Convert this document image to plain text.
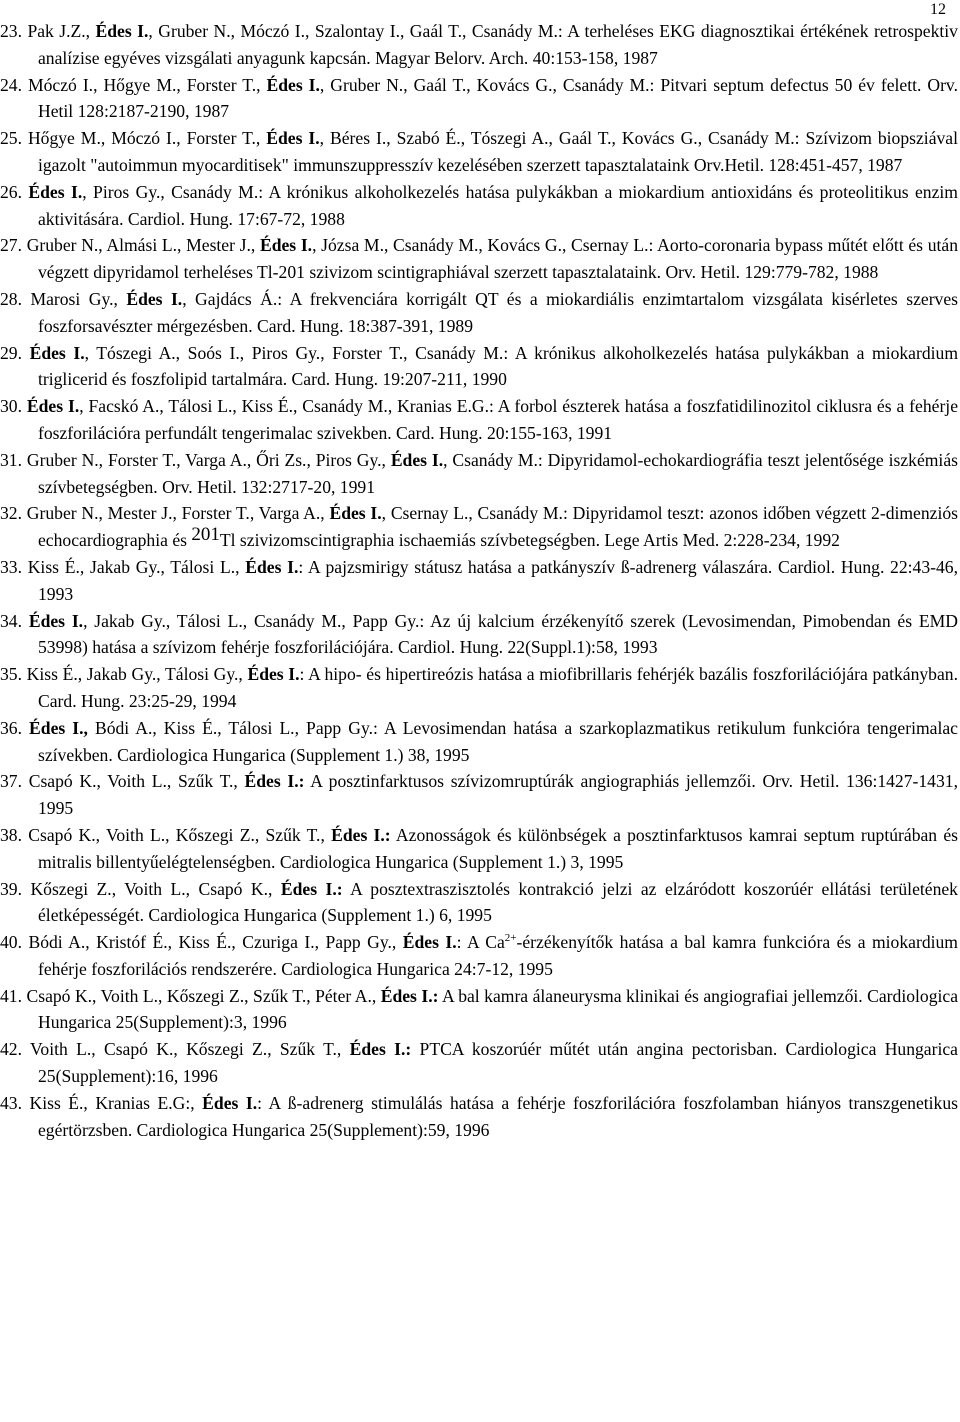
12
23. Pak J.Z., Édes I., Gruber N., Móczó I., Szalontay I., Gaál T., Csanády M.: A terheléses EKG diagnosztikai értékének retrospektiv analízise egyéves vizsgálati anyagunk kapcsán. Magyar Belorv. Arch. 40:153-158, 1987
24. Móczó I., Hőgye M., Forster T., Édes I., Gruber N., Gaál T., Kovács G., Csanády M.: Pitvari septum defectus 50 év felett. Orv. Hetil 128:2187-2190, 1987
25. Hőgye M., Móczó I., Forster T., Édes I., Béres I., Szabó É., Tószegi A., Gaál T., Kovács G., Csanády M.: Szívizom biopsziával igazolt "autoimmun myocarditisek" immunszuppresszív kezelésében szerzett tapasztalataink Orv.Hetil. 128:451-457, 1987
26. Édes I., Piros Gy., Csanády M.: A krónikus alkoholkezelés hatása pulykákban a miokardium antioxidáns és proteolitikus enzim aktivitására. Cardiol. Hung. 17:67-72, 1988
27. Gruber N., Almási L., Mester J., Édes I., Józsa M., Csanády M., Kovács G., Csernay L.: Aorto-coronaria bypass műtét előtt és után végzett dipyridamol terheléses Tl-201 szivizom scintigraphiával szerzett tapasztalataink. Orv. Hetil. 129:779-782, 1988
28. Marosi Gy., Édes I., Gajdács Á.: A frekvenciára korrigált QT és a miokardiális enzimtartalom vizsgálata kisérletes szerves foszforsavészter mérgezésben. Card. Hung. 18:387-391, 1989
29. Édes I., Tószegi A., Soós I., Piros Gy., Forster T., Csanády M.: A krónikus alkoholkezelés hatása pulykákban a miokardium triglicerid és foszfolipid tartalmára. Card. Hung. 19:207-211, 1990
30. Édes I., Facskó A., Tálosi L., Kiss É., Csanády M., Kranias E.G.: A forbol észterek hatása a foszfatidilinozitol ciklusra és a fehérje foszforilációra perfundált tengerimalac szivekben. Card. Hung. 20:155-163, 1991
31. Gruber N., Forster T., Varga A., Őri Zs., Piros Gy., Édes I., Csanády M.: Dipyridamol-echokardiográfia teszt jelentősége iszkémiás szívbetegségben. Orv. Hetil. 132:2717-20, 1991
32. Gruber N., Mester J., Forster T., Varga A., Édes I., Csernay L., Csanády M.: Dipyridamol teszt: azonos időben végzett 2-dimenziós echocardiographia és 201Tl szivizomscintigraphia ischaemiás szívbetegségben. Lege Artis Med. 2:228-234, 1992
33. Kiss É., Jakab Gy., Tálosi L., Édes I.: A pajzsmirigy státusz hatása a patkányszív ß-adrenerg válaszára. Cardiol. Hung. 22:43-46, 1993
34. Édes I., Jakab Gy., Tálosi L., Csanády M., Papp Gy.: Az új kalcium érzékenyítő szerek (Levosimendan, Pimobendan és EMD 53998) hatása a szívizom fehérje foszforilációjára. Cardiol. Hung. 22(Suppl.1):58, 1993
35. Kiss É., Jakab Gy., Tálosi Gy., Édes I.: A hipo- és hipertireózis hatása a miofibrillaris fehérjék bazális foszforilációjára patkányban. Card. Hung. 23:25-29, 1994
36. Édes I., Bódi A., Kiss É., Tálosi L., Papp Gy.: A Levosimendan hatása a szarkoplazmatikus retikulum funkcióra tengerimalac szívekben. Cardiologica Hungarica (Supplement 1.) 38, 1995
37. Csapó K., Voith L., Szűk T., Édes I.: A posztinfarktusos szívizomruptúrák angiographiás jellemzői. Orv. Hetil. 136:1427-1431, 1995
38. Csapó K., Voith L., Kőszegi Z., Szűk T., Édes I.: Azonosságok és különbségek a posztinfarktusos kamrai septum ruptúrában és mitralis billentyűelégtelenségben. Cardiologica Hungarica (Supplement 1.) 3, 1995
39. Kőszegi Z., Voith L., Csapó K., Édes I.: A posztextraszisztolés kontrakció jelzi az elzáródott koszorúér ellátási területének életképességét. Cardiologica Hungarica (Supplement 1.) 6, 1995
40. Bódi A., Kristóf É., Kiss É., Czuriga I., Papp Gy., Édes I.: A $Ca^{2+}$-érzékenyítők hatása a bal kamra funkcióra és a miokardium fehérje foszforilációs rendszerére. Cardiologica Hungarica 24:7-12, 1995
41. Csapó K., Voith L., Kőszegi Z., Szűk T., Péter A., Édes I.: A bal kamra álaneurysma klinikai és angiografiai jellemzői. Cardiologica Hungarica 25(Supplement):3, 1996
42. Voith L., Csapó K., Kőszegi Z., Szűk T., Édes I.: PTCA koszorúér műtét után angina pectorisban. Cardiologica Hungarica 25(Supplement):16, 1996
43. Kiss É., Kranias E.G:, Édes I.: A ß-adrenerg stimulálás hatása a fehérje foszforilációra foszfolamban hiányos transzgenetikus egértörzsben. Cardiologica Hungarica 25(Supplement):59, 1996
